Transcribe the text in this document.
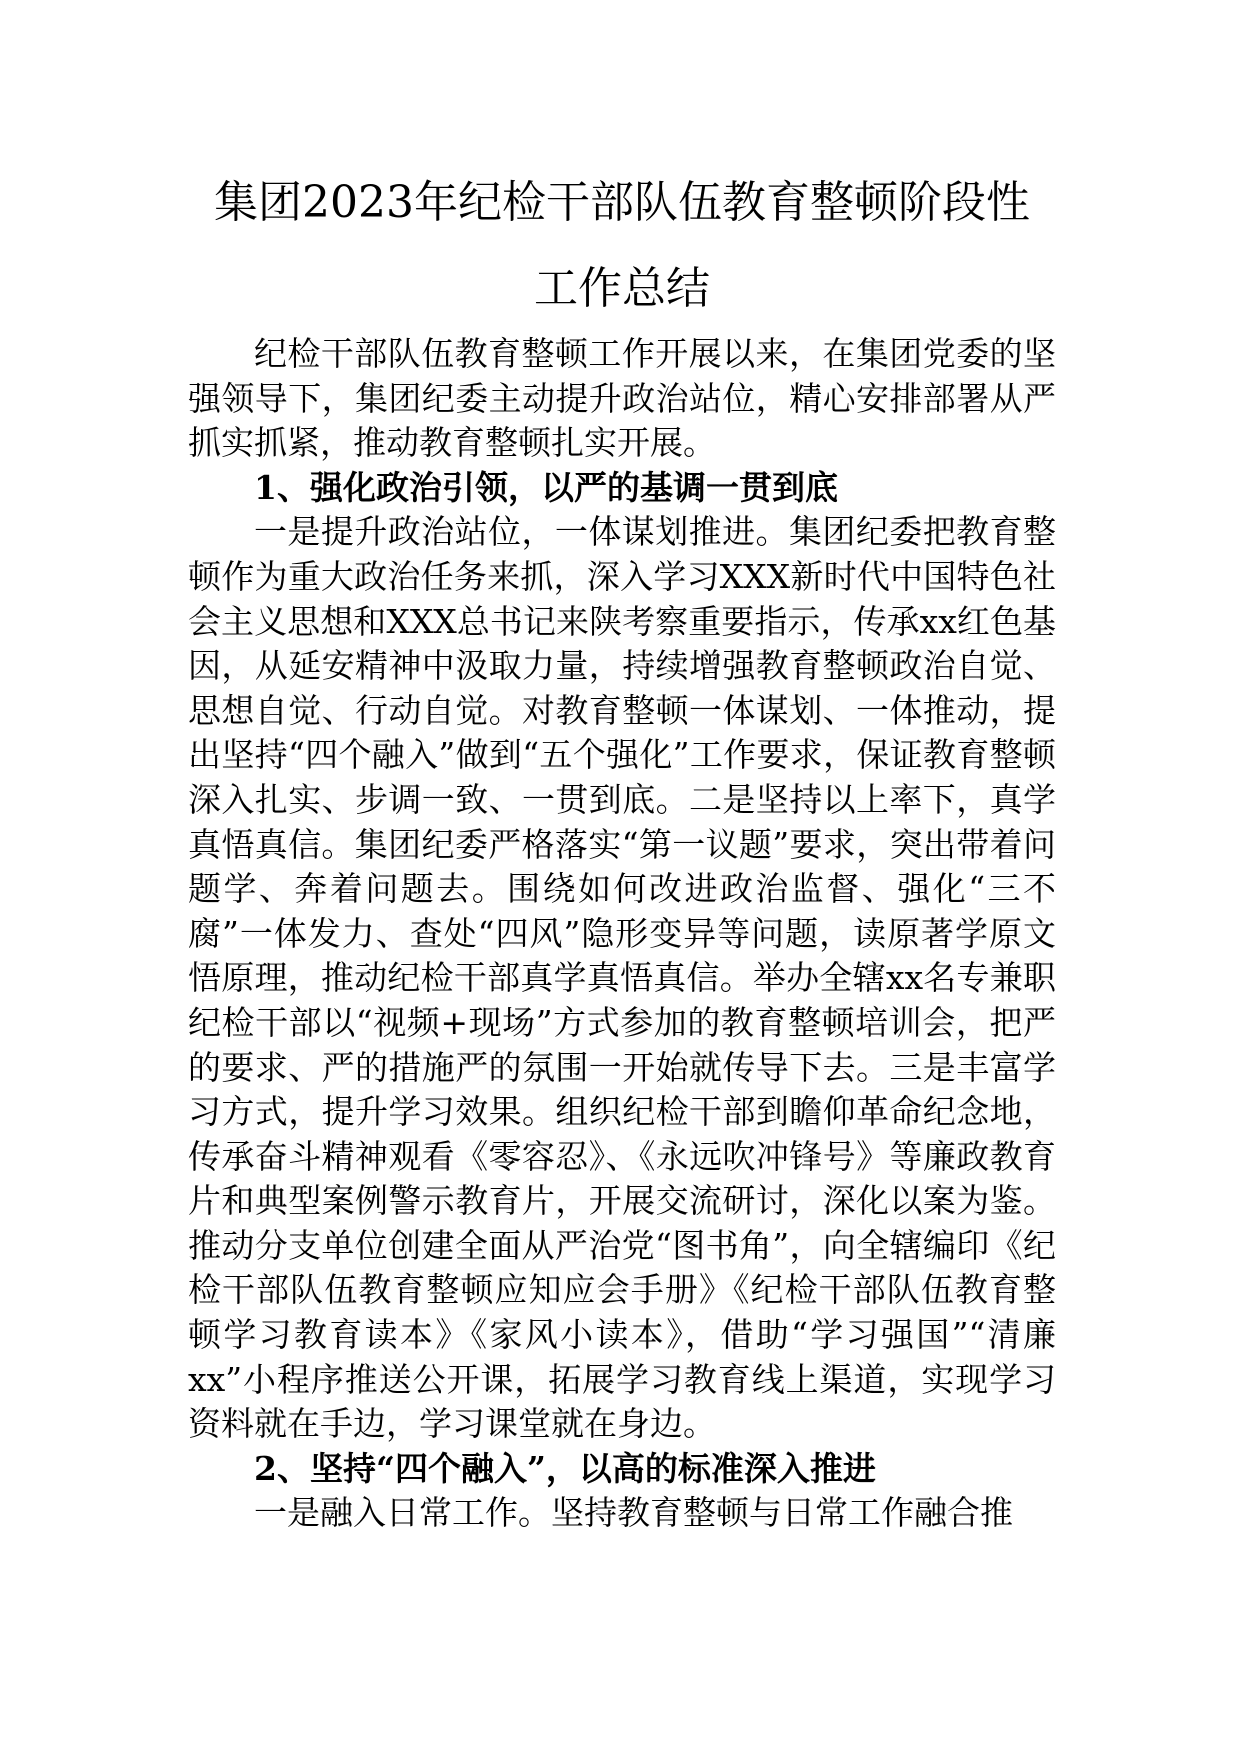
集团2023年纪检干部队伍教育整顿阶段性
工作总结

纪检干部队伍教育整顿工作开展以来，在集团党委的坚强领导下，集团纪委主动提升政治站位，精心安排部署从严抓实抓紧，推动教育整顿扎实开展。

1、强化政治引领，以严的基调一贯到底

一是提升政治站位，一体谋划推进。集团纪委把教育整顿作为重大政治任务来抓，深入学习XXX新时代中国特色社会主义思想和XXX总书记来陕考察重要指示，传承xx红色基因，从延安精神中汲取力量，持续增强教育整顿政治自觉、思想自觉、行动自觉。对教育整顿一体谋划、一体推动，提出坚持“四个融入”做到“五个强化”工作要求，保证教育整顿深入扎实、步调一致、一贯到底。二是坚持以上率下，真学真悟真信。集团纪委严格落实“第一议题”要求，突出带着问题学、奔着问题去。围绕如何改进政治监督、强化“三不腐”一体发力、查处“四风”隐形变异等问题，读原著学原文悟原理，推动纪检干部真学真悟真信。举办全辖xx名专兼职纪检干部以“视频+现场”方式参加的教育整顿培训会，把严的要求、严的措施严的氛围一开始就传导下去。三是丰富学习方式，提升学习效果。组织纪检干部到瞻仰革命纪念地，传承奋斗精神观看《零容忍》、《永远吹冲锋号》等廉政教育片和典型案例警示教育片，开展交流研讨，深化以案为鉴。推动分支单位创建全面从严治党“图书角”，向全辖编印《纪检干部队伍教育整顿应知应会手册》《纪检干部队伍教育整顿学习教育读本》《家风小读本》，借助“学习强国”“清廉xx”小程序推送公开课，拓展学习教育线上渠道，实现学习资料就在手边，学习课堂就在身边。

2、坚持“四个融入”，以高的标准深入推进

一是融入日常工作。坚持教育整顿与日常工作融合推
